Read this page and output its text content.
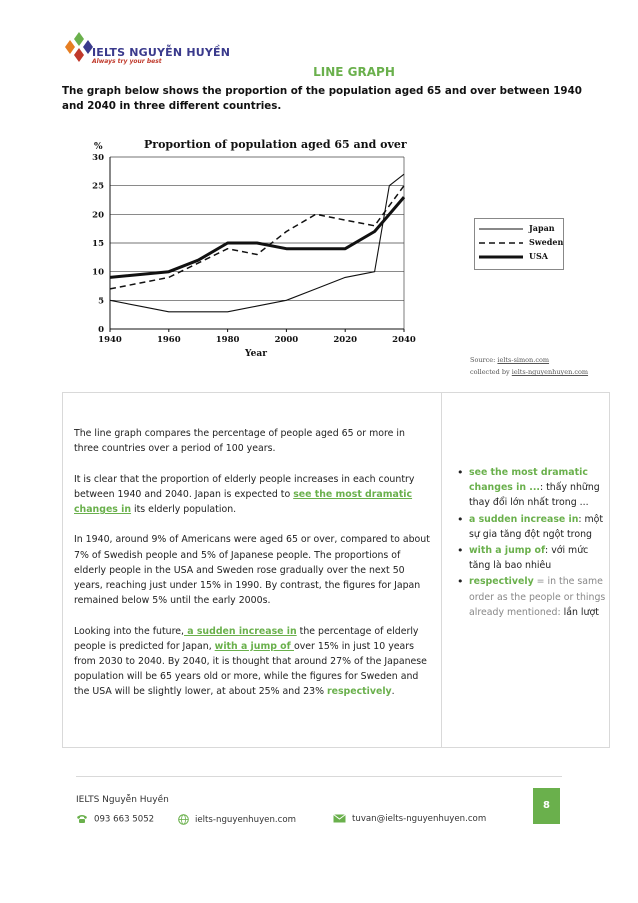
IELTS NGUYỄN HUYỀN
Always try your best
LINE GRAPH
The graph below shows the proportion of the population aged 65 and over between 1940 and 2040 in three different countries.
Proportion of population aged 65 and over
%
Year
0
5
10
15
20
25
30
1940	1960	1980	2000	2020	2040
Japan
Sweden
USA
Source: ielts-simon.com
collected by ielts-nguyenhuyen.com

The line graph compares the percentage of people aged 65 or more in three countries over a period of 100 years.

It is clear that the proportion of elderly people increases in each country between 1940 and 2040. Japan is expected to see the most dramatic changes in its elderly population.

In 1940, around 9% of Americans were aged 65 or over, compared to about 7% of Swedish people and 5% of Japanese people. The proportions of elderly people in the USA and Sweden rose gradually over the next 50 years, reaching just under 15% in 1990. By contrast, the figures for Japan remained below 5% until the early 2000s.

Looking into the future, a sudden increase in the percentage of elderly people is predicted for Japan, with a jump of over 15% in just 10 years from 2030 to 2040. By 2040, it is thought that around 27% of the Japanese population will be 65 years old or more, while the figures for Sweden and the USA will be slightly lower, at about 25% and 23% respectively.

• see the most dramatic changes in ...: thấy những thay đổi lớn nhất trong ...
• a sudden increase in: một sự gia tăng đột ngột trong
• with a jump of: với mức tăng là bao nhiêu
• respectively = in the same order as the people or things already mentioned: lần lượt
IELTS Nguyễn Huyền	8
093 663 5052	ielts-nguyenhuyen.com	tuvan@ielts-nguyenhuyen.com
